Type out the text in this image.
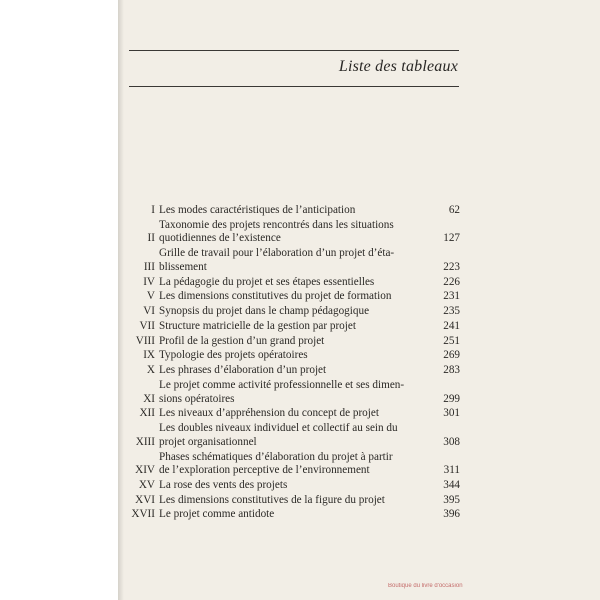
Liste des tableaux
I Les modes caractéristiques de l’anticipation	62
II
Taxonomie des projets rencontrés dans les situations
quotidiennes de l’existence	127
III
Grille de travail pour l’élaboration d’un projet d’éta-
blissement	223
IV La pédagogie du projet et ses étapes essentielles	226
V Les dimensions constitutives du projet de formation	231
VI Synopsis du projet dans le champ pédagogique	235
VII Structure matricielle de la gestion par projet	241
VIII Profil de la gestion d’un grand projet	251
IX Typologie des projets opératoires	269
X Les phrases d’élaboration d’un projet	283
XI
Le projet comme activité professionnelle et ses dimen-
sions opératoires	299
XII Les niveaux d’appréhension du concept de projet	301
XIII
Les doubles niveaux individuel et collectif au sein du
projet organisationnel	308
XIV
Phases schématiques d’élaboration du projet à partir
de l’exploration perceptive de l’environnement	311
XV La rose des vents des projets	344
XVI Les dimensions constitutives de la figure du projet	395
XVII Le projet comme antidote	396
Boutique du livre d'occasion
